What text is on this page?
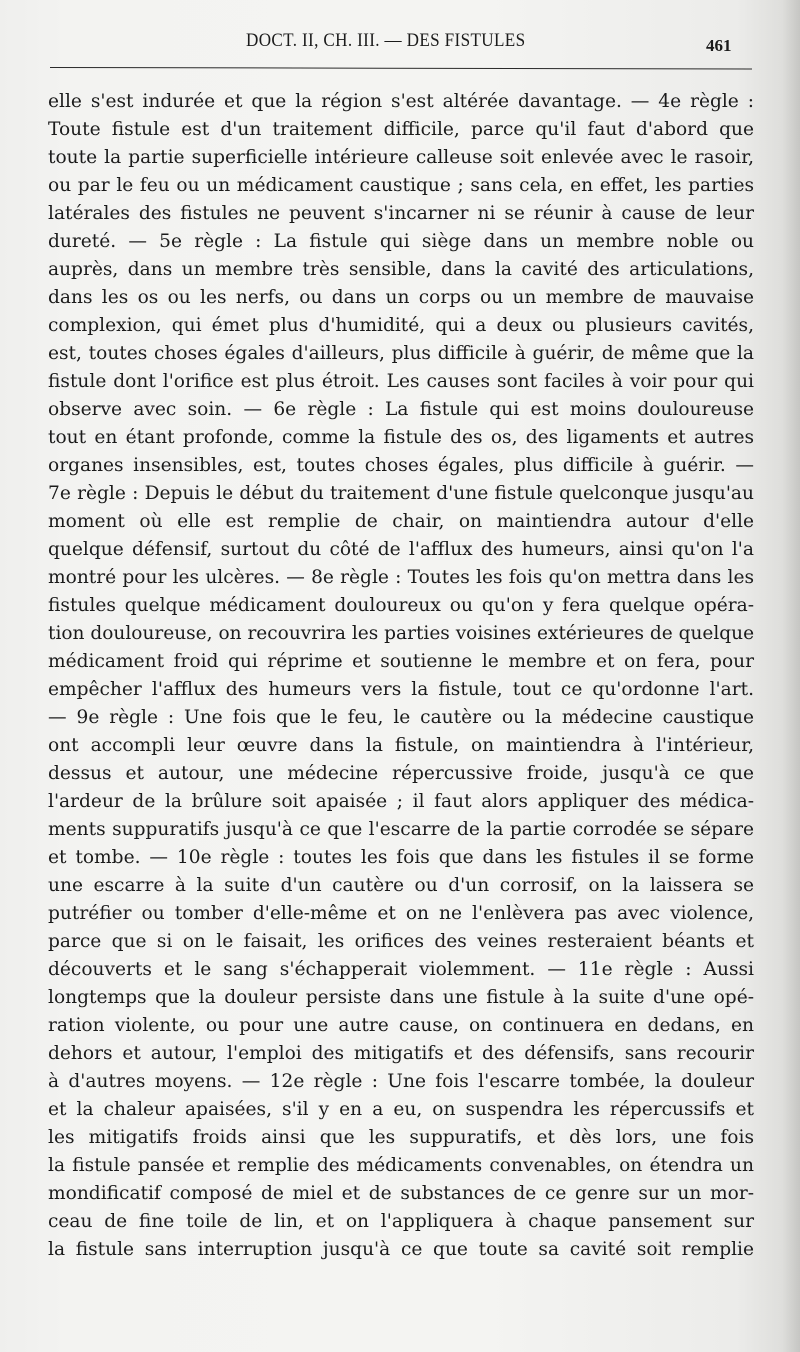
DOCT. II, CH. III. — DES FISTULES	461
elle s'est indurée et que la région s'est altérée davantage. — 4e règle :
Toute fistule est d'un traitement difficile, parce qu'il faut d'abord que
toute la partie superficielle intérieure calleuse soit enlevée avec le rasoir,
ou par le feu ou un médicament caustique ; sans cela, en effet, les parties
latérales des fistules ne peuvent s'incarner ni se réunir à cause de leur
dureté. — 5e règle : La fistule qui siège dans un membre noble ou
auprès, dans un membre très sensible, dans la cavité des articulations,
dans les os ou les nerfs, ou dans un corps ou un membre de mauvaise
complexion, qui émet plus d'humidité, qui a deux ou plusieurs cavités,
est, toutes choses égales d'ailleurs, plus difficile à guérir, de même que la
fistule dont l'orifice est plus étroit. Les causes sont faciles à voir pour qui
observe avec soin. — 6e règle : La fistule qui est moins douloureuse
tout en étant profonde, comme la fistule des os, des ligaments et autres
organes insensibles, est, toutes choses égales, plus difficile à guérir. —
7e règle : Depuis le début du traitement d'une fistule quelconque jusqu'au
moment où elle est remplie de chair, on maintiendra autour d'elle
quelque défensif, surtout du côté de l'afflux des humeurs, ainsi qu'on l'a
montré pour les ulcères. — 8e règle : Toutes les fois qu'on mettra dans les
fistules quelque médicament douloureux ou qu'on y fera quelque opéra-
tion douloureuse, on recouvrira les parties voisines extérieures de quelque
médicament froid qui réprime et soutienne le membre et on fera, pour
empêcher l'afflux des humeurs vers la fistule, tout ce qu'ordonne l'art.
— 9e règle : Une fois que le feu, le cautère ou la médecine caustique
ont accompli leur œuvre dans la fistule, on maintiendra à l'intérieur,
dessus et autour, une médecine répercussive froide, jusqu'à ce que
l'ardeur de la brûlure soit apaisée ; il faut alors appliquer des médica-
ments suppuratifs jusqu'à ce que l'escarre de la partie corrodée se sépare
et tombe. — 10e règle : toutes les fois que dans les fistules il se forme
une escarre à la suite d'un cautère ou d'un corrosif, on la laissera se
putréfier ou tomber d'elle-même et on ne l'enlèvera pas avec violence,
parce que si on le faisait, les orifices des veines resteraient béants et
découverts et le sang s'échapperait violemment. — 11e règle : Aussi
longtemps que la douleur persiste dans une fistule à la suite d'une opé-
ration violente, ou pour une autre cause, on continuera en dedans, en
dehors et autour, l'emploi des mitigatifs et des défensifs, sans recourir
à d'autres moyens. — 12e règle : Une fois l'escarre tombée, la douleur
et la chaleur apaisées, s'il y en a eu, on suspendra les répercussifs et
les mitigatifs froids ainsi que les suppuratifs, et dès lors, une fois
la fistule pansée et remplie des médicaments convenables, on étendra un
mondificatif composé de miel et de substances de ce genre sur un mor-
ceau de fine toile de lin, et on l'appliquera à chaque pansement sur
la fistule sans interruption jusqu'à ce que toute sa cavité soit remplie
